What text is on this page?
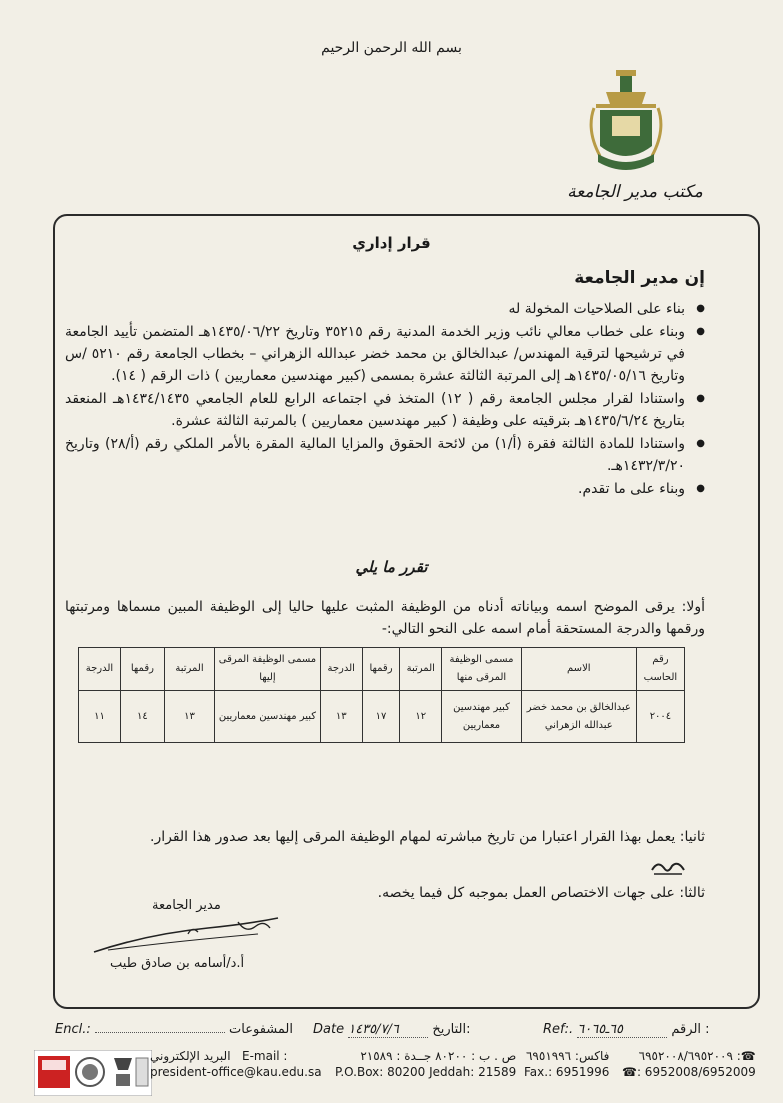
بسم الله الرحمن الرحيم
مكتب مدير الجامعة
قرار إداري
إن مدير الجامعة
● بناء على الصلاحيات المخولة له
● وبناء على خطاب معالي نائب وزير الخدمة المدنية رقم ٣٥٢١٥ وتاريخ ١٤٣٥/٠٦/٢٢هـ المتضمن تأييد الجامعة في ترشيحها لترقية المهندس/ عبدالخالق بن محمد خضر عبدالله الزهراني – بخطاب الجامعة رقم ٥٢١٠ /س وتاريخ ١٤٣٥/٠٥/١٦هـ إلى المرتبة الثالثة عشرة بمسمى (كبير مهندسين معماريين ) ذات الرقم ( ١٤).
● واستنادا لقرار مجلس الجامعة رقم ( ١٢) المتخذ في اجتماعه الرابع للعام الجامعي ١٤٣٤/١٤٣٥هـ المنعقد بتاريخ ١٤٣٥/٦/٢٤هـ بترقيته على وظيفة ( كبير مهندسين معماريين ) بالمرتبة الثالثة عشرة.
● واستنادا للمادة الثالثة فقرة (أ/١) من لائحة الحقوق والمزايا المالية المقرة بالأمر الملكي رقم (أ/٢٨) وتاريخ ١٤٣٢/٣/٢٠هـ.
● وبناء على ما تقدم.
تقرر ما يلي
أولا: يرقى الموضح اسمه وبياناته أدناه من الوظيفة المثبت عليها حاليا إلى الوظيفة المبين مسماها ومرتبتها ورقمها والدرجة المستحقة أمام اسمه على النحو التالي:-
رقم الحاسب	الاسم	مسمى الوظيفة المرقى منها	المرتبة	رقمها	الدرجة	مسمى الوظيفة المرقى إليها	المرتبة	رقمها	الدرجة
٢٠٠٤	عبدالخالق بن محمد خضر عبدالله الزهراني	كبير مهندسين معماريين	١٢	١٧	١٣	كبير مهندسين معماريين	١٣	١٤	١١
ثانيا: يعمل بهذا القرار اعتبارا من تاريخ مباشرته لمهام الوظيفة المرقى إليها بعد صدور هذا القرار.
ثالثا: على جهات الاختصاص العمل بموجبه كل فيما يخصه.
مدير الجامعة
أ.د/أسامه بن صادق طيب
Encl.:	المشفوعات Date ١٤٣٥/٧/٦	التاريخ:	Ref:. ٦٥ـ٦٠٦٥	الرقم :
البريد الإلكتروني E-mail :
president-office@kau.edu.sa
ص . ب : ٨٠٢٠٠ جــدة : ٢١٥٨٩
P.O.Box: 80200 Jeddah: 21589
فاكس: ٦٩٥١٩٩٦
Fax.: 6951996
☎: ٦٩٥٢٠٠٨/٦٩٥٢٠٠٩
☎: 6952008/6952009
